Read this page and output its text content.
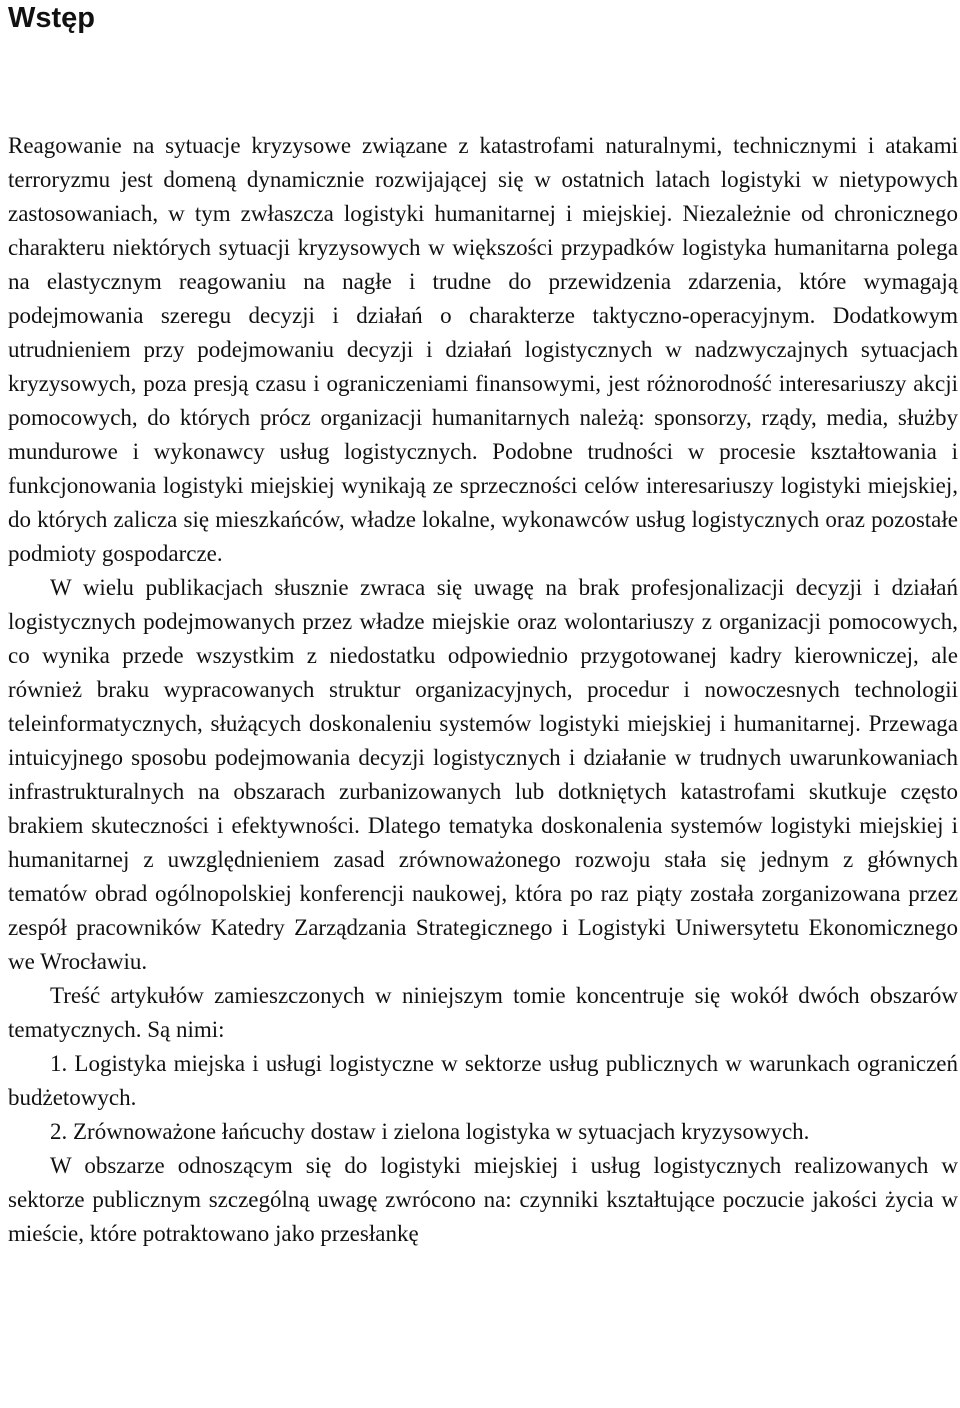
Wstęp

Reagowanie na sytuacje kryzysowe związane z katastrofami naturalnymi, technicznymi i atakami terroryzmu jest domeną dynamicznie rozwijającej się w ostatnich latach logistyki w nietypowych zastosowaniach, w tym zwłaszcza logistyki humanitarnej i miejskiej. Niezależnie od chronicznego charakteru niektórych sytuacji kryzysowych w większości przypadków logistyka humanitarna polega na elastycznym reagowaniu na nagłe i trudne do przewidzenia zdarzenia, które wymagają podejmowania szeregu decyzji i działań o charakterze taktyczno-operacyjnym. Dodatkowym utrudnieniem przy podejmowaniu decyzji i działań logistycznych w nadzwyczajnych sytuacjach kryzysowych, poza presją czasu i ograniczeniami finansowymi, jest różnorodność interesariuszy akcji pomocowych, do których prócz organizacji humanitarnych należą: sponsorzy, rządy, media, służby mundurowe i wykonawcy usług logistycznych. Podobne trudności w procesie kształtowania i funkcjonowania logistyki miejskiej wynikają ze sprzeczności celów interesariuszy logistyki miejskiej, do których zalicza się mieszkańców, władze lokalne, wykonawców usług logistycznych oraz pozostałe podmioty gospodarcze.

W wielu publikacjach słusznie zwraca się uwagę na brak profesjonalizacji decyzji i działań logistycznych podejmowanych przez władze miejskie oraz wolontariuszy z organizacji pomocowych, co wynika przede wszystkim z niedostatku odpowiednio przygotowanej kadry kierowniczej, ale również braku wypracowanych struktur organizacyjnych, procedur i nowoczesnych technologii teleinformatycznych, służących doskonaleniu systemów logistyki miejskiej i humanitarnej. Przewaga intuicyjnego sposobu podejmowania decyzji logistycznych i działanie w trudnych uwarunkowaniach infrastrukturalnych na obszarach zurbanizowanych lub dotkniętych katastrofami skutkuje często brakiem skuteczności i efektywności. Dlatego tematyka doskonalenia systemów logistyki miejskiej i humanitarnej z uwzględnieniem zasad zrównoważonego rozwoju stała się jednym z głównych tematów obrad ogólnopolskiej konferencji naukowej, która po raz piąty została zorganizowana przez zespół pracowników Katedry Zarządzania Strategicznego i Logistyki Uniwersytetu Ekonomicznego we Wrocławiu.

Treść artykułów zamieszczonych w niniejszym tomie koncentruje się wokół dwóch obszarów tematycznych. Są nimi:

1. Logistyka miejska i usługi logistyczne w sektorze usług publicznych w warunkach ograniczeń budżetowych.

2. Zrównoważone łańcuchy dostaw i zielona logistyka w sytuacjach kryzysowych.

W obszarze odnoszącym się do logistyki miejskiej i usług logistycznych realizowanych w sektorze publicznym szczególną uwagę zwrócono na: czynniki kształtujące poczucie jakości życia w mieście, które potraktowano jako przesłankę
